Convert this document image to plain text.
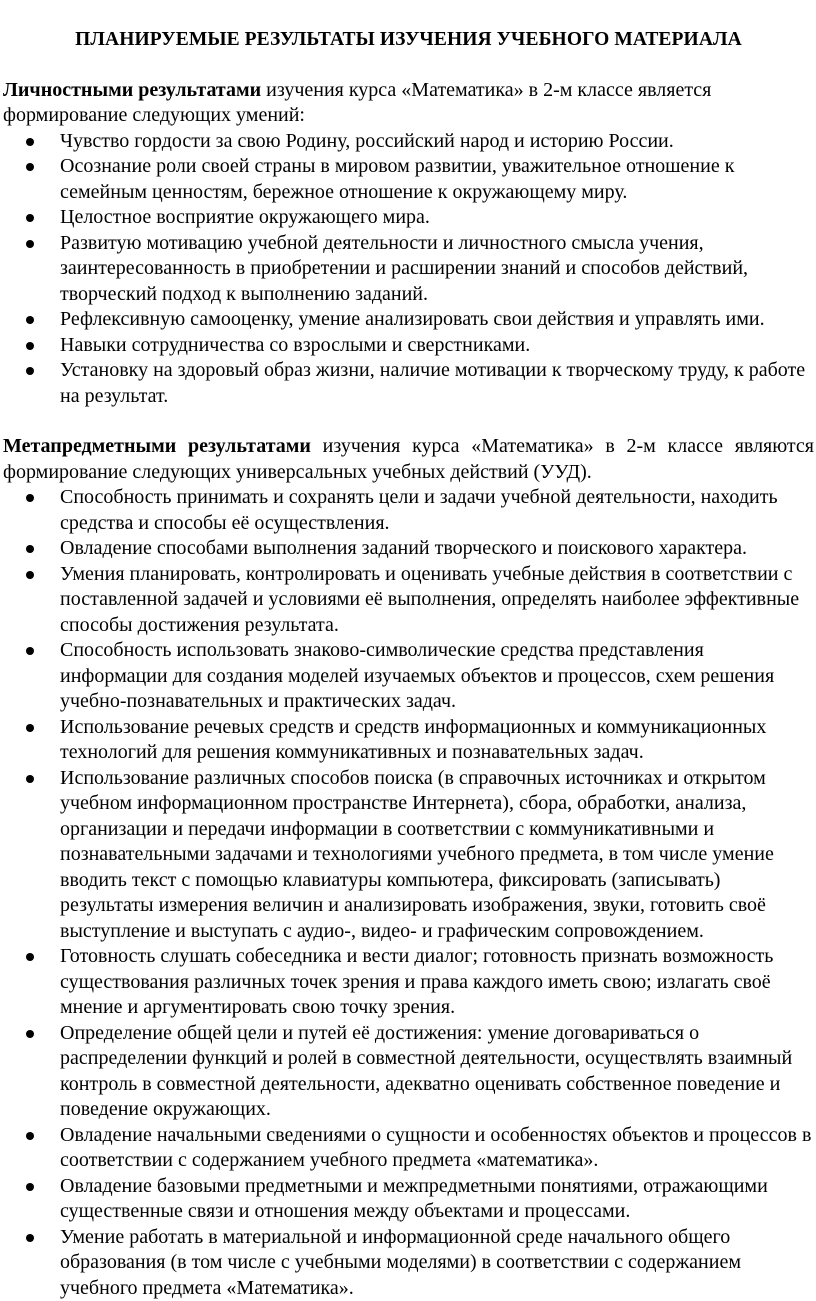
ПЛАНИРУЕМЫЕ РЕЗУЛЬТАТЫ ИЗУЧЕНИЯ УЧЕБНОГО МАТЕРИАЛА

Личностными результатами изучения курса «Математика» в 2-м классе является формирование следующих умений:

Чувство гордости за свою Родину, российский народ и историю России.
Осознание роли своей страны в мировом развитии, уважительное отношение к семейным ценностям, бережное отношение к окружающему миру.
Целостное восприятие окружающего мира.
Развитую мотивацию учебной деятельности и личностного смысла учения, заинтересованность в приобретении и расширении знаний и способов действий, творческий подход к выполнению заданий.
Рефлексивную самооценку, умение анализировать свои действия и управлять ими.
Навыки сотрудничества со взрослыми и сверстниками.
Установку на здоровый образ жизни, наличие мотивации к творческому труду, к работе на результат.

Метапредметными результатами изучения курса «Математика» в 2-м классе являются формирование следующих универсальных учебных действий (УУД).

Способность принимать и сохранять цели и задачи учебной деятельности, находить средства и способы её осуществления.
Овладение способами выполнения заданий творческого и поискового характера.
Умения планировать, контролировать и оценивать учебные действия в соответствии с поставленной задачей и условиями её выполнения, определять наиболее эффективные способы достижения результата.
Способность использовать знаково-символические средства представления информации для создания моделей изучаемых объектов и процессов, схем решения учебно-познавательных и практических задач.
Использование речевых средств и средств информационных и коммуникационных технологий для решения коммуникативных и познавательных задач.
Использование различных способов поиска (в справочных источниках и открытом учебном информационном пространстве Интернета), сбора, обработки, анализа, организации и передачи информации в соответствии с коммуникативными и познавательными задачами и технологиями учебного предмета, в том числе умение вводить текст с помощью клавиатуры компьютера, фиксировать (записывать) результаты измерения величин и анализировать изображения, звуки, готовить своё выступление и выступать с аудио-, видео- и графическим сопровождением.
Готовность слушать собеседника и вести диалог; готовность признать возможность существования различных точек зрения и права каждого иметь свою; излагать своё мнение и аргументировать свою точку зрения.
Определение общей цели и путей её достижения: умение договариваться о распределении функций и ролей в совместной деятельности, осуществлять взаимный контроль в совместной деятельности, адекватно оценивать собственное поведение и поведение окружающих.
Овладение начальными сведениями о сущности и особенностях объектов и процессов в соответствии с содержанием учебного предмета «математика».
Овладение базовыми предметными и межпредметными понятиями, отражающими существенные связи и отношения между объектами и процессами.
Умение работать в материальной и информационной среде начального общего образования (в том числе с учебными моделями) в соответствии с содержанием учебного предмета «Математика».
